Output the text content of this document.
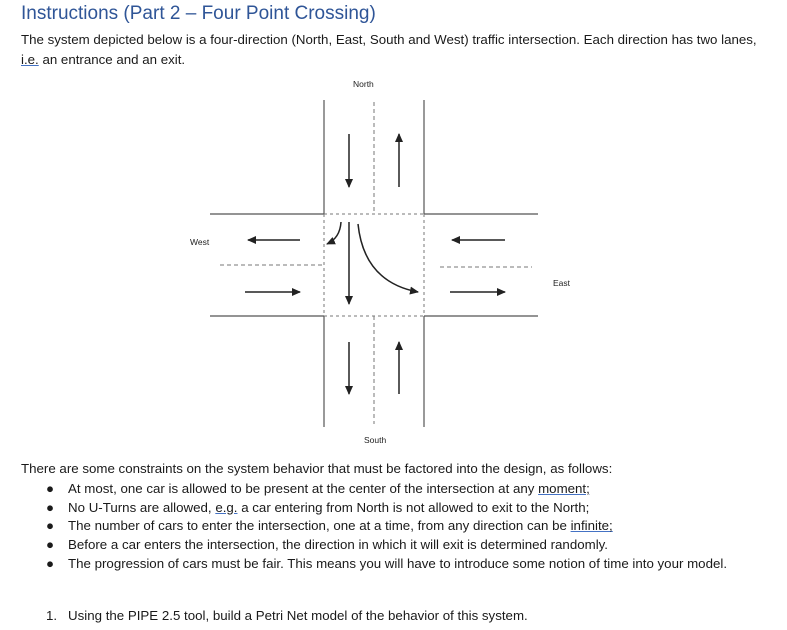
Instructions (Part 2 – Four Point Crossing)
The system depicted below is a four-direction (North, East, South and West) traffic intersection. Each direction has two lanes, i.e. an entrance and an exit.
North
South
West
East
There are some constraints on the system behavior that must be factored into the design, as follows:
● At most, one car is allowed to be present at the center of the intersection at any moment;
● No U-Turns are allowed, e.g. a car entering from North is not allowed to exit to the North;
● The number of cars to enter the intersection, one at a time, from any direction can be infinite;
● Before a car enters the intersection, the direction in which it will exit is determined randomly.
● The progression of cars must be fair. This means you will have to introduce some notion of time into your model.
1. Using the PIPE 2.5 tool, build a Petri Net model of the behavior of this system.
